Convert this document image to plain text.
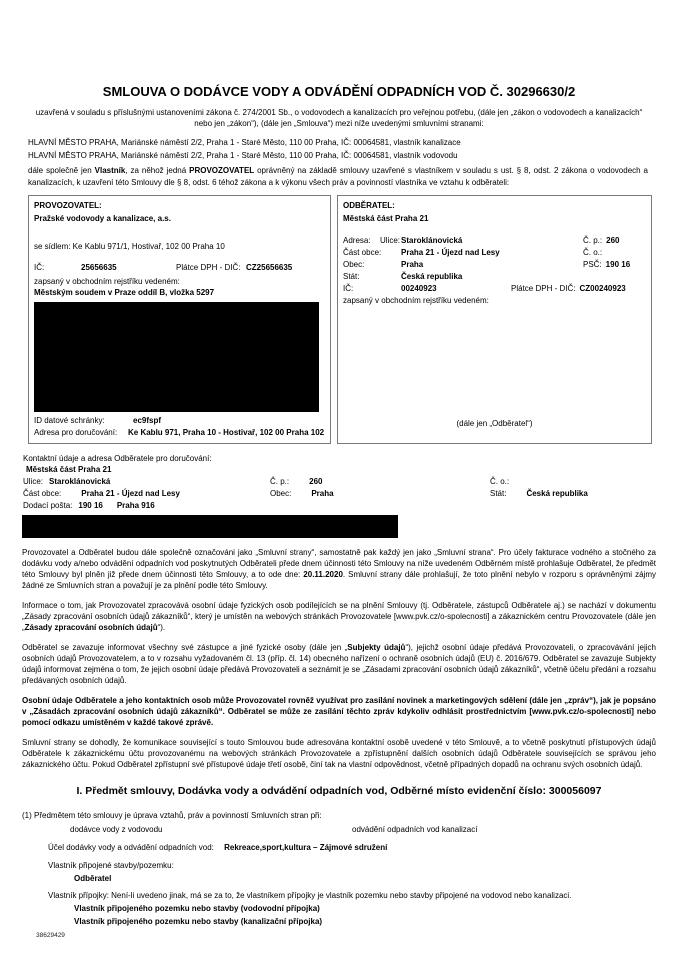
SMLOUVA O DODÁVCE VODY A ODVÁDĚNÍ ODPADNÍCH VOD Č. 30296630/2
uzavřená v souladu s příslušnými ustanoveními zákona č. 274/2001 Sb., o vodovodech a kanalizacích pro veřejnou potřebu, (dále jen „zákon o vodovodech a kanalizacích“ nebo jen „zákon“), (dále jen „Smlouva“) mezi níže uvedenými smluvními stranami:
HLAVNÍ MĚSTO PRAHA, Mariánské náměstí 2/2, Praha 1 - Staré Město, 110 00 Praha, IČ: 00064581, vlastník kanalizace
HLAVNÍ MĚSTO PRAHA, Mariánské náměstí 2/2, Praha 1 - Staré Město, 110 00 Praha, IČ: 00064581, vlastník vodovodu
dále společně jen Vlastník, za něhož jedná PROVOZOVATEL oprávněný na základě smlouvy uzavřené s vlastníkem v souladu s ust. § 8, odst. 2 zákona o vodovodech a kanalizacích, k uzavření této Smlouvy dle § 8, odst. 6 téhož zákona a k výkonu všech práv a povinností vlastníka ve vztahu k odběrateli:
PROVOZOVATEL:
Pražské vodovody a kanalizace, a.s.
se sídlem: Ke Kablu 971/1, Hostivař, 102 00 Praha 10
IČ:	25656635	Plátce DPH - DIČ: CZ25656635
zapsaný v obchodním rejstříku vedeném:
Městským soudem v Praze oddíl B, vložka 5297
ID datové schránky:	ec9fspf
Adresa pro doručování: Ke Kablu 971, Praha 10 - Hostivař, 102 00 Praha 102
ODBĚRATEL:
Městská část Praha 21
Adresa: Ulice:Staroklánovická	Č. p.: 260
Část obce: Praha 21 - Újezd nad Lesy	Č. o.:
Obec:	Praha	PSČ: 190 16
Stát:	Česká republika
IČ:	00240923	Plátce DPH - DIČ: CZ00240923
zapsaný v obchodním rejstříku vedeném:
(dále jen „Odběratel“)
Kontaktní údaje a adresa Odběratele pro doručování:
Městská část Praha 21
Ulice: Staroklánovická	Č. p.:	260	Č. o.:
Část obce:	Praha 21 - Újezd nad Lesy	Obec:	Praha	Stát:	Česká republika
Dodací pošta: 190 16 Praha 916

Provozovatel a Odběratel budou dále společně označováni jako „Smluvní strany“, samostatně pak každý jen jako „Smluvní strana“. Pro účely fakturace vodného a stočného za dodávku vody a/nebo odvádění odpadních vod poskytnutých Odběrateli přede dnem účinnosti této Smlouvy na níže uvedeném Odběrném místě prohlašuje Odběratel, že předmět této Smlouvy byl plněn již přede dnem účinnosti této Smlouvy, a to ode dne: 20.11.2020. Smluvní strany dále prohlašují, že toto plnění nebylo v rozporu s oprávněnými zájmy žádné ze Smluvních stran a považují je za plnění podle této Smlouvy.

Informace o tom, jak Provozovatel zpracovává osobní údaje fyzických osob podílejících se na plnění Smlouvy (tj. Odběratele, zástupců Odběratele aj.) se nachází v dokumentu „Zásady zpracování osobních údajů zákazníků“, který je umístěn na webových stránkách Provozovatele [www.pvk.cz/o-spolecnosti] a zákaznickém centru Provozovatele (dále jen „Zásady zpracování osobních údajů“).

Odběratel se zavazuje informovat všechny své zástupce a jiné fyzické osoby (dále jen „Subjekty údajů“), jejichž osobní údaje předává Provozovateli, o zpracovávání jejich osobních údajů Provozovatelem, a to v rozsahu vyžadovaném čl. 13 (příp. čl. 14) obecného nařízení o ochraně osobních údajů (EU) č. 2016/679. Odběratel se zavazuje Subjekty údajů informovat zejména o tom, že jejich osobní údaje předává Provozovateli a seznámit je se „Zásadami zpracování osobních údajů zákazníků“, včetně účelu předání a rozsahu předávaných osobních údajů.

Osobní údaje Odběratele a jeho kontaktních osob může Provozovatel rovněž využívat pro zasílání novinek a marketingových sdělení (dále jen „zpráv“), jak je popsáno v „Zásadách zpracování osobních údajů zákazníků“. Odběratel se může ze zasílání těchto zpráv kdykoliv odhlásit prostřednictvím [www.pvk.cz/o-spolecnosti] nebo pomocí odkazu umístěném v každé takové zprávě.

Smluvní strany se dohodly, že komunikace související s touto Smlouvou bude adresována kontaktní osobě uvedené v této Smlouvě, a to včetně poskytnutí přístupových údajů Odběratele k zákaznickému účtu provozovanému na webových stránkách Provozovatele a zpřístupnění dalších osobních údajů Odběratele souvisejících se správou jeho zákaznického účtu. Pokud Odběratel zpřístupní své přístupové údaje třetí osobě, činí tak na vlastní odpovědnost, včetně případných dopadů na ochranu svých osobních údajů.

I. Předmět smlouvy, Dodávka vody a odvádění odpadních vod, Odběrné místo evidenční číslo: 300056097
(1) Předmětem této smlouvy je úprava vztahů, práv a povinností Smluvních stran při:
dodávce vody z vodovodu	odvádění odpadních vod kanalizací
Účel dodávky vody a odvádění odpadních vod: Rekreace,sport,kultura – Zájmové sdružení
Vlastník připojené stavby/pozemku:
Odběratel
Vlastník přípojky: Není-li uvedeno jinak, má se za to, že vlastníkem přípojky je vlastník pozemku nebo stavby připojené na vodovod nebo kanalizaci.
Vlastník připojeného pozemku nebo stavby (vodovodní přípojka)
Vlastník připojeného pozemku nebo stavby (kanalizační přípojka)
38629429
